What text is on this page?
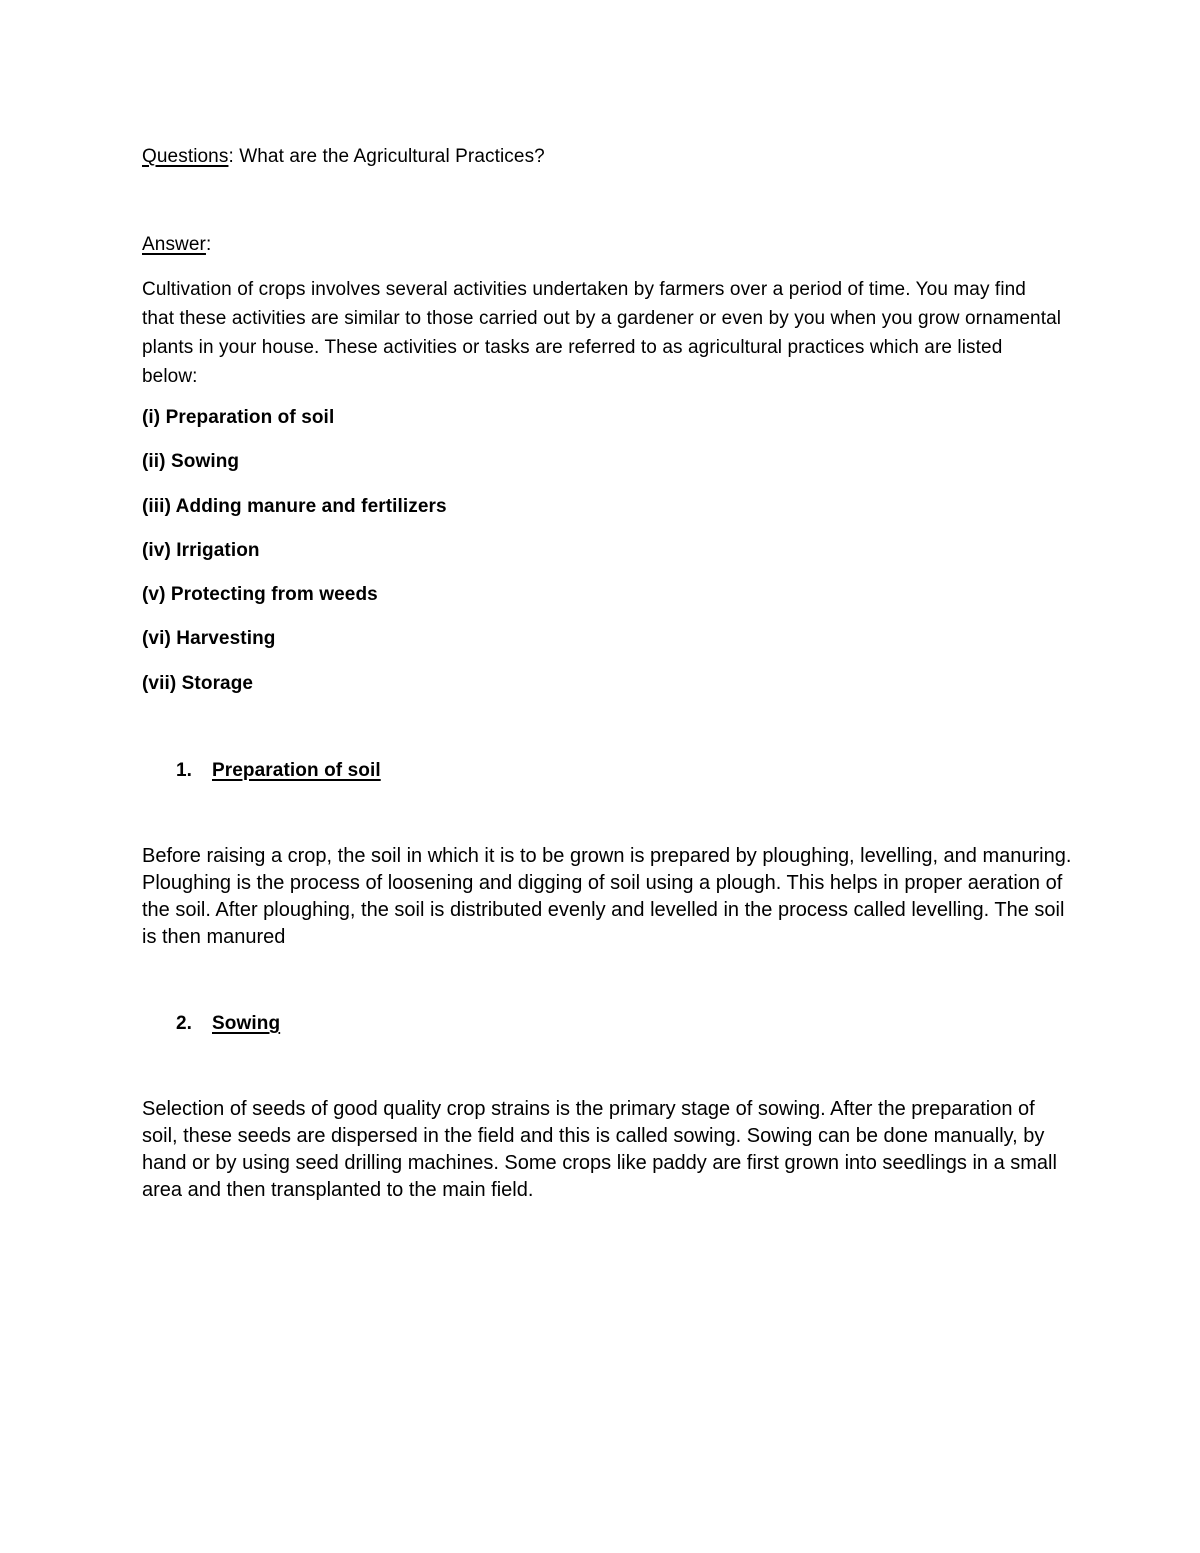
Questions: What are the Agricultural Practices?
Answer:

Cultivation of crops involves several activities undertaken by farmers over a period of time. You may find that these activities are similar to those carried out by a gardener or even by you when you grow ornamental plants in your house. These activities or tasks are referred to as agricultural practices which are listed below:

(i) Preparation of soil
(ii) Sowing
(iii) Adding manure and fertilizers
(iv) Irrigation
(v) Protecting from weeds
(vi) Harvesting
(vii) Storage
1. Preparation of soil

Before raising a crop, the soil in which it is to be grown is prepared by ploughing, levelling, and manuring. Ploughing is the process of loosening and digging of soil using a plough. This helps in proper aeration of the soil. After ploughing, the soil is distributed evenly and levelled in the process called levelling. The soil is then manured

2. Sowing

Selection of seeds of good quality crop strains is the primary stage of sowing. After the preparation of soil, these seeds are dispersed in the field and this is called sowing. Sowing can be done manually, by hand or by using seed drilling machines. Some crops like paddy are first grown into seedlings in a small area and then transplanted to the main field.
